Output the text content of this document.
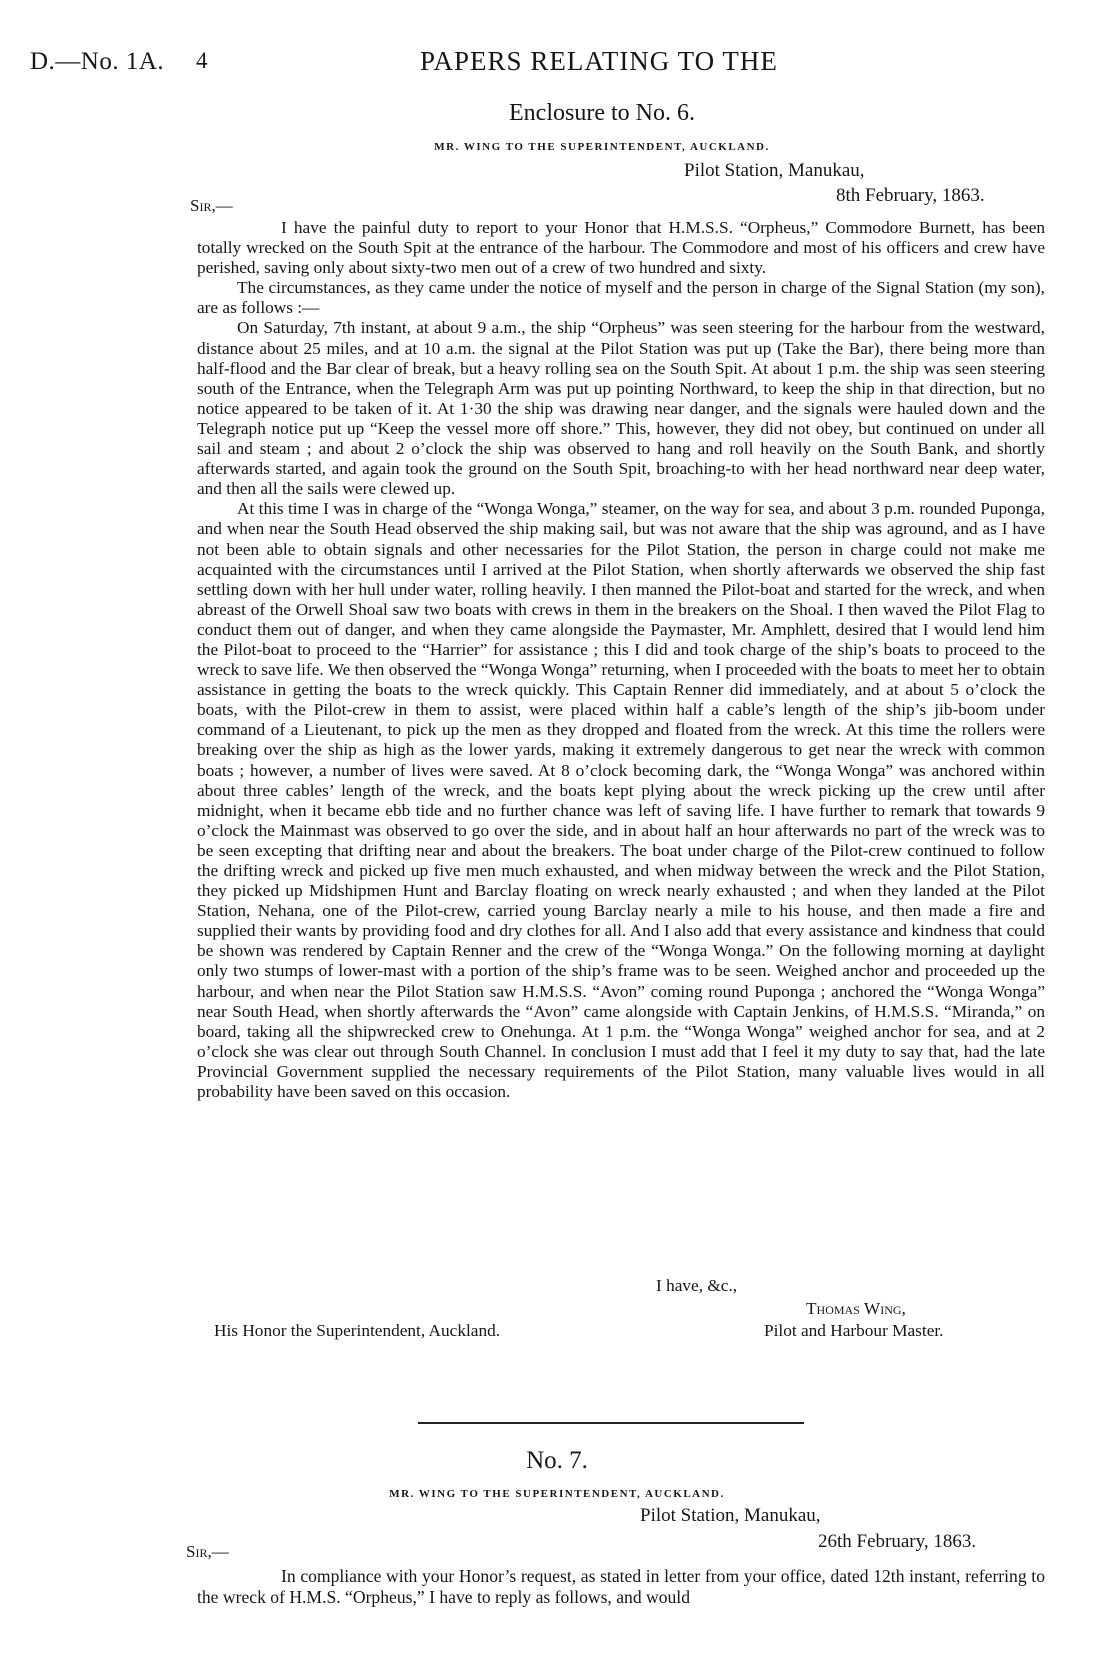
D.—No. 1A. 4	PAPERS RELATING TO THE
Enclosure to No. 6.
MR. WING TO THE SUPERINTENDENT, AUCKLAND.
Pilot Station, Manukau,
8th February, 1863.
Sir,—

I have the painful duty to report to your Honor that H.M.S.S. “Orpheus,” Commodore Burnett, has been totally wrecked on the South Spit at the entrance of the harbour. The Commodore and most of his officers and crew have perished, saving only about sixty-two men out of a crew of two hundred and sixty.

The circumstances, as they came under the notice of myself and the person in charge of the Signal Station (my son), are as follows :—

On Saturday, 7th instant, at about 9 a.m., the ship “Orpheus” was seen steering for the harbour from the westward, distance about 25 miles, and at 10 a.m. the signal at the Pilot Station was put up (Take the Bar), there being more than half-flood and the Bar clear of break, but a heavy rolling sea on the South Spit. At about 1 p.m. the ship was seen steering south of the Entrance, when the Telegraph Arm was put up pointing Northward, to keep the ship in that direction, but no notice appeared to be taken of it. At 1·30 the ship was drawing near danger, and the signals were hauled down and the Telegraph notice put up “Keep the vessel more off shore.” This, however, they did not obey, but continued on under all sail and steam ; and about 2 o’clock the ship was observed to hang and roll heavily on the South Bank, and shortly afterwards started, and again took the ground on the South Spit, broaching-to with her head northward near deep water, and then all the sails were clewed up.

At this time I was in charge of the “Wonga Wonga,” steamer, on the way for sea, and about 3 p.m. rounded Puponga, and when near the South Head observed the ship making sail, but was not aware that the ship was aground, and as I have not been able to obtain signals and other necessaries for the Pilot Station, the person in charge could not make me acquainted with the circumstances until I arrived at the Pilot Station, when shortly afterwards we observed the ship fast settling down with her hull under water, rolling heavily. I then manned the Pilot-boat and started for the wreck, and when abreast of the Orwell Shoal saw two boats with crews in them in the breakers on the Shoal. I then waved the Pilot Flag to conduct them out of danger, and when they came alongside the Paymaster, Mr. Amphlett, desired that I would lend him the Pilot-boat to proceed to the “Harrier” for assistance ; this I did and took charge of the ship’s boats to proceed to the wreck to save life. We then observed the “Wonga Wonga” returning, when I proceeded with the boats to meet her to obtain assistance in getting the boats to the wreck quickly. This Captain Renner did immediately, and at about 5 o’clock the boats, with the Pilot-crew in them to assist, were placed within half a cable’s length of the ship’s jib-boom under command of a Lieutenant, to pick up the men as they dropped and floated from the wreck. At this time the rollers were breaking over the ship as high as the lower yards, making it extremely dangerous to get near the wreck with common boats ; however, a number of lives were saved. At 8 o’clock becoming dark, the “Wonga Wonga” was anchored within about three cables’ length of the wreck, and the boats kept plying about the wreck picking up the crew until after midnight, when it became ebb tide and no further chance was left of saving life. I have further to remark that towards 9 o’clock the Mainmast was observed to go over the side, and in about half an hour afterwards no part of the wreck was to be seen excepting that drifting near and about the breakers. The boat under charge of the Pilot-crew continued to follow the drifting wreck and picked up five men much exhausted, and when midway between the wreck and the Pilot Station, they picked up Midshipmen Hunt and Barclay floating on wreck nearly exhausted ; and when they landed at the Pilot Station, Nehana, one of the Pilot-crew, carried young Barclay nearly a mile to his house, and then made a fire and supplied their wants by providing food and dry clothes for all. And I also add that every assistance and kindness that could be shown was rendered by Captain Renner and the crew of the “Wonga Wonga.” On the following morning at daylight only two stumps of lower-mast with a portion of the ship’s frame was to be seen. Weighed anchor and proceeded up the harbour, and when near the Pilot Station saw H.M.S.S. “Avon” coming round Puponga ; anchored the “Wonga Wonga” near South Head, when shortly afterwards the “Avon” came alongside with Captain Jenkins, of H.M.S.S. “Miranda,” on board, taking all the shipwrecked crew to Onehunga. At 1 p.m. the “Wonga Wonga” weighed anchor for sea, and at 2 o’clock she was clear out through South Channel. In conclusion I must add that I feel it my duty to say that, had the late Provincial Government supplied the necessary requirements of the Pilot Station, many valuable lives would in all probability have been saved on this occasion.

I have, &c.,
Thomas Wing,
His Honor the Superintendent, Auckland.	Pilot and Harbour Master.
No. 7.
MR. WING TO THE SUPERINTENDENT, AUCKLAND.
Pilot Station, Manukau,
26th February, 1863.
Sir,—

In compliance with your Honor’s request, as stated in letter from your office, dated 12th instant, referring to the wreck of H.M.S. “Orpheus,” I have to reply as follows, and would
